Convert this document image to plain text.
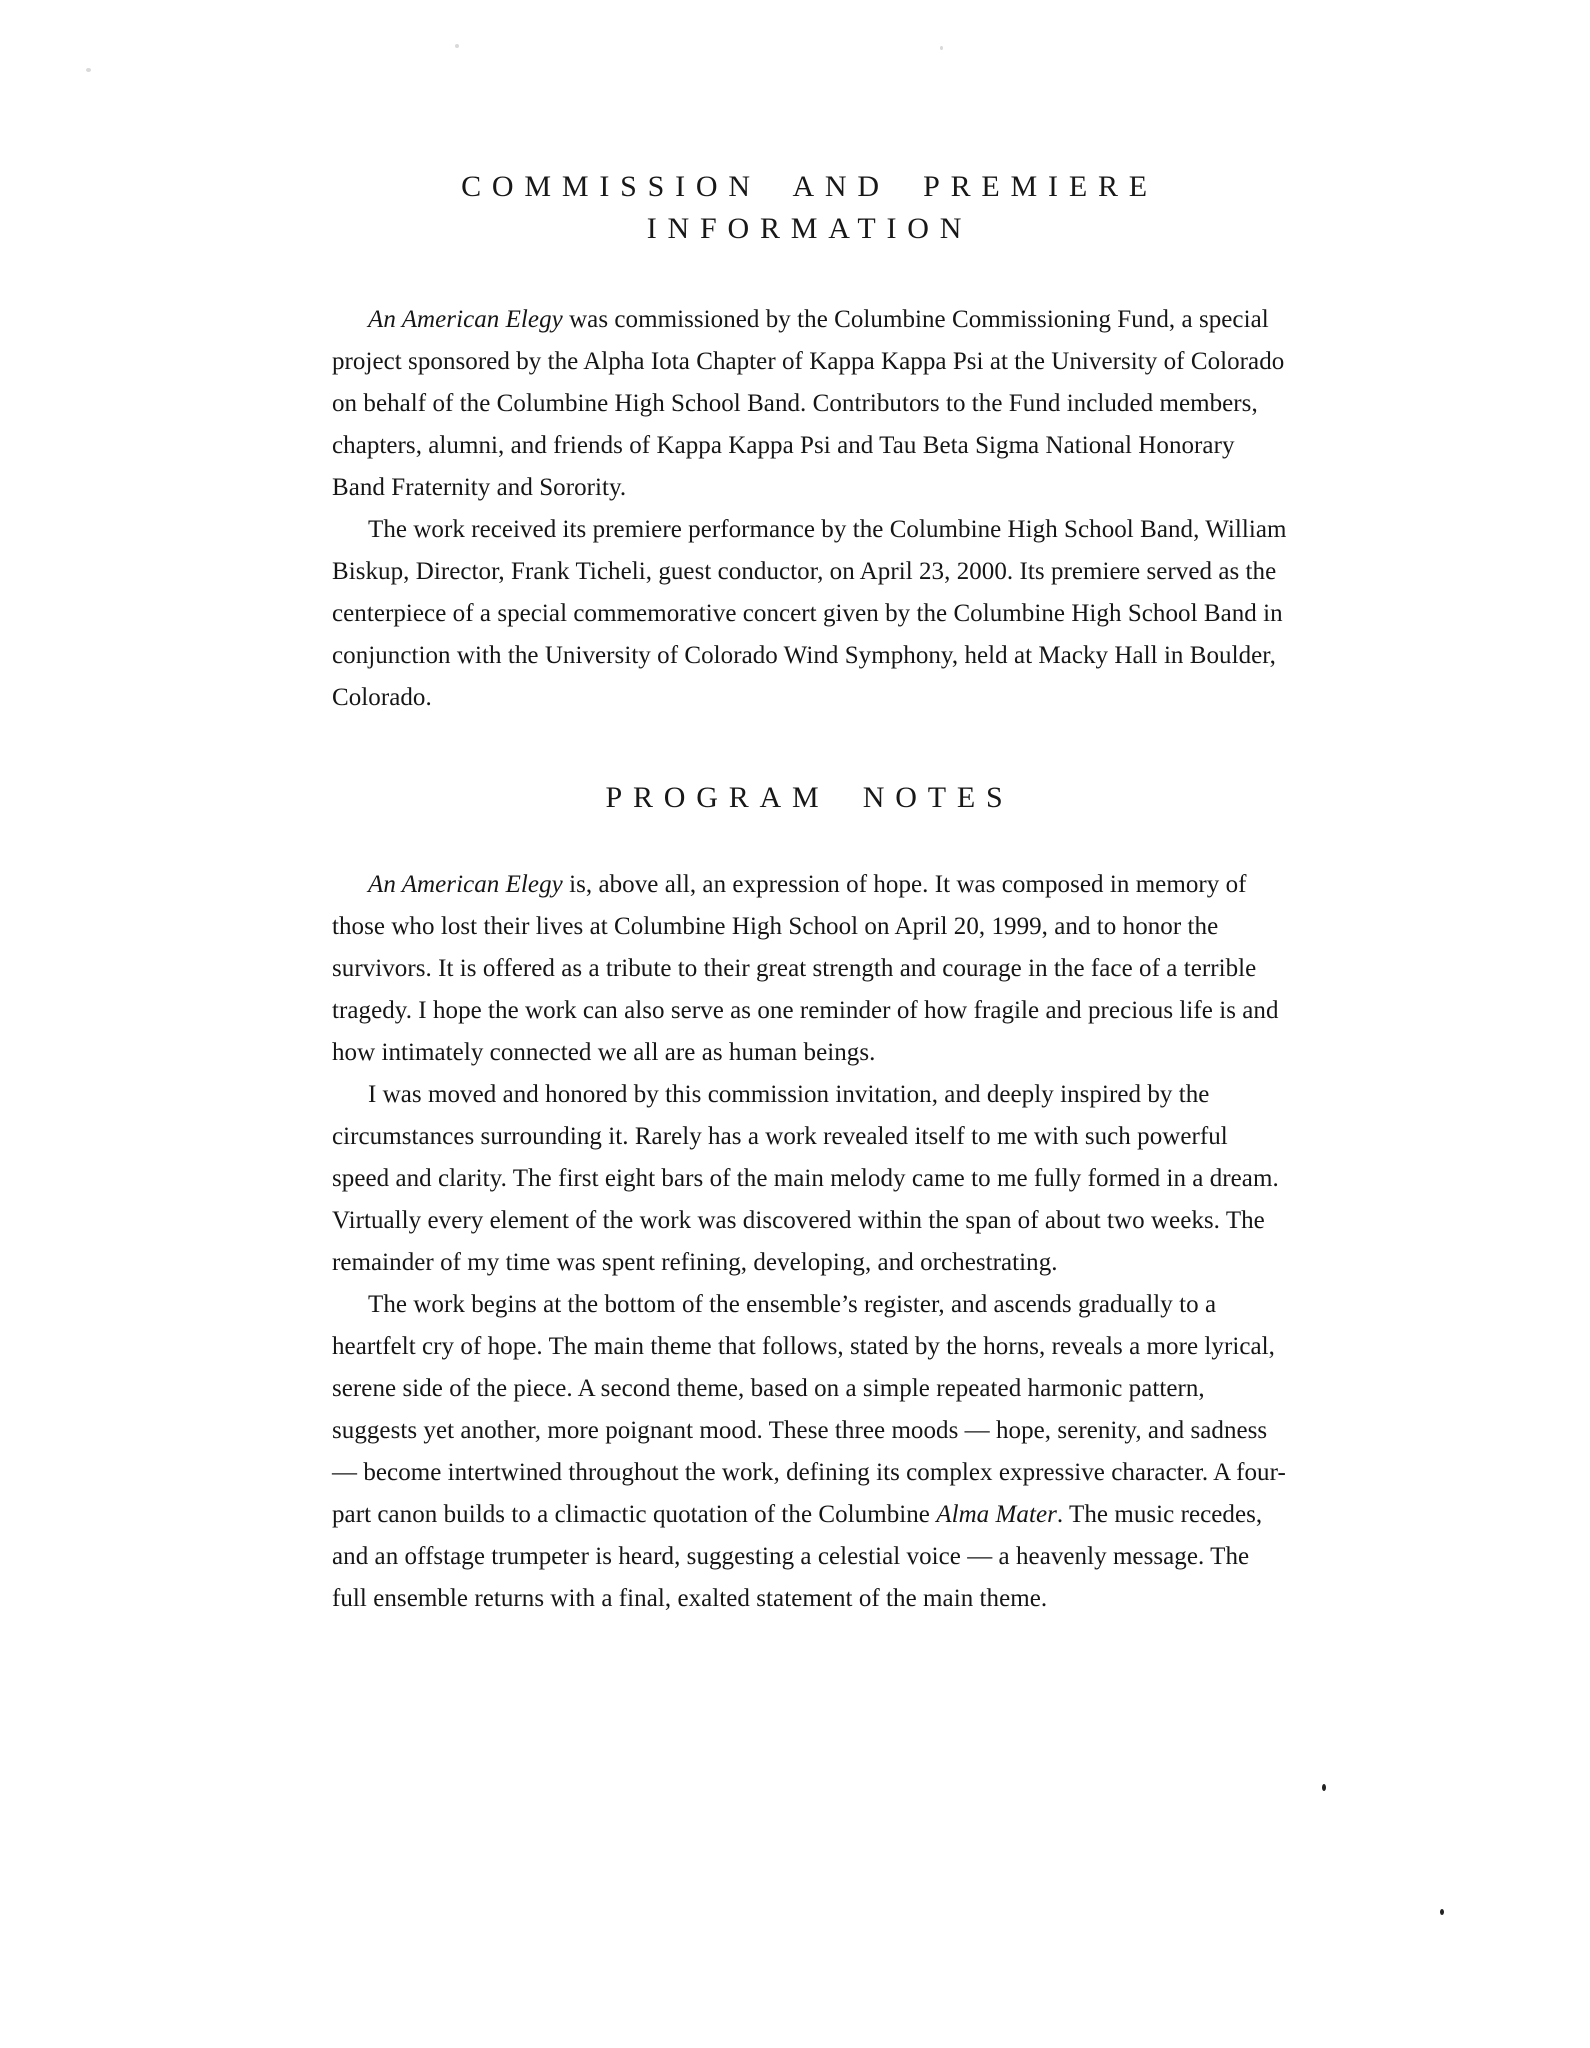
COMMISSION AND PREMIERE
INFORMATION

An American Elegy was commissioned by the Columbine Commissioning Fund, a special project sponsored by the Alpha Iota Chapter of Kappa Kappa Psi at the University of Colorado on behalf of the Columbine High School Band. Contributors to the Fund included members, chapters, alumni, and friends of Kappa Kappa Psi and Tau Beta Sigma National Honorary Band Fraternity and Sorority.

The work received its premiere performance by the Columbine High School Band, William Biskup, Director, Frank Ticheli, guest conductor, on April 23, 2000. Its premiere served as the centerpiece of a special commemorative concert given by the Columbine High School Band in conjunction with the University of Colorado Wind Symphony, held at Macky Hall in Boulder, Colorado.

PROGRAM NOTES

An American Elegy is, above all, an expression of hope. It was composed in memory of those who lost their lives at Columbine High School on April 20, 1999, and to honor the survivors. It is offered as a tribute to their great strength and courage in the face of a terrible tragedy. I hope the work can also serve as one reminder of how fragile and precious life is and how intimately connected we all are as human beings.

I was moved and honored by this commission invitation, and deeply inspired by the circumstances surrounding it. Rarely has a work revealed itself to me with such powerful speed and clarity. The first eight bars of the main melody came to me fully formed in a dream. Virtually every element of the work was discovered within the span of about two weeks. The remainder of my time was spent refining, developing, and orchestrating.

The work begins at the bottom of the ensemble’s register, and ascends gradually to a heartfelt cry of hope. The main theme that follows, stated by the horns, reveals a more lyrical, serene side of the piece. A second theme, based on a simple repeated harmonic pattern, suggests yet another, more poignant mood. These three moods — hope, serenity, and sadness — become intertwined throughout the work, defining its complex expressive character. A four-part canon builds to a climactic quotation of the Columbine Alma Mater. The music recedes, and an offstage trumpeter is heard, suggesting a celestial voice — a heavenly message. The full ensemble returns with a final, exalted statement of the main theme.
